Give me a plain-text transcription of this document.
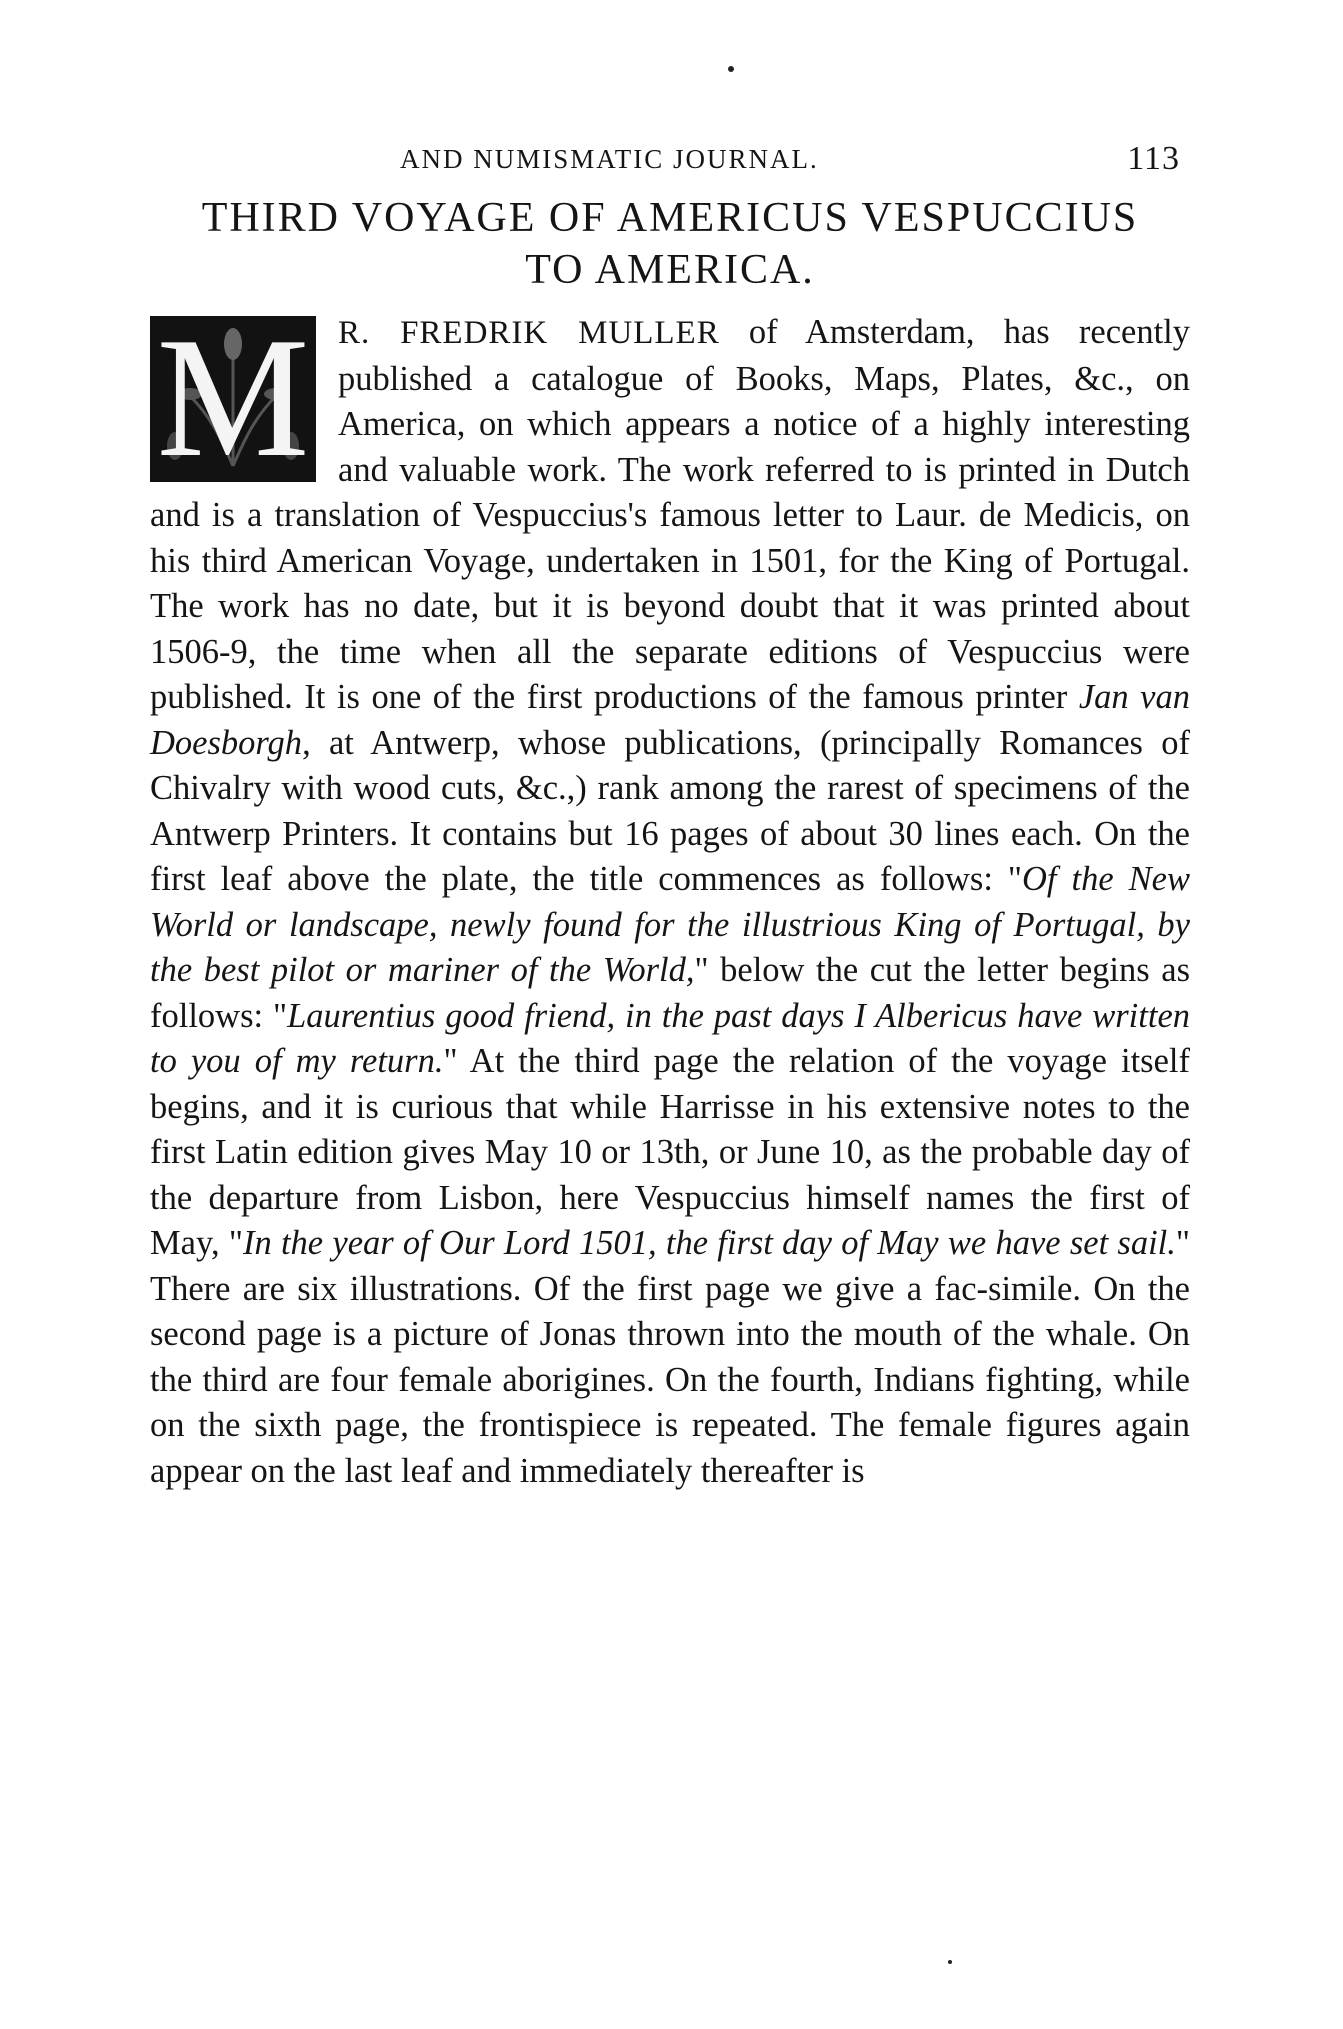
AND NUMISMATIC JOURNAL.	113
THIRD VOYAGE OF AMERICUS VESPUCCIUS
TO AMERICA.
M R. FREDRIK MULLER of Amsterdam, has recently published a catalogue of Books, Maps, Plates, &c., on America, on which appears a notice of a highly interesting and valuable work. The work referred to is printed in Dutch and is a translation of Vespuccius's famous letter to Laur. de Medicis, on his third American Voyage, undertaken in 1501, for the King of Portugal. The work has no date, but it is beyond doubt that it was printed about 1506-9, the time when all the separate editions of Vespuccius were published. It is one of the first productions of the famous printer Jan van Doesborgh, at Antwerp, whose publications, (principally Romances of Chivalry with wood cuts, &c.,) rank among the rarest of specimens of the Antwerp Printers. It contains but 16 pages of about 30 lines each. On the first leaf above the plate, the title commences as follows: "Of the New World or landscape, newly found for the illustrious King of Portugal, by the best pilot or mariner of the World," below the cut the letter begins as follows: "Laurentius good friend, in the past days I Albericus have written to you of my return." At the third page the relation of the voyage itself begins, and it is curious that while Harrisse in his extensive notes to the first Latin edition gives May 10 or 13th, or June 10, as the probable day of the departure from Lisbon, here Vespuccius himself names the first of May, "In the year of Our Lord 1501, the first day of May we have set sail." There are six illustrations. Of the first page we give a fac-simile. On the second page is a picture of Jonas thrown into the mouth of the whale. On the third are four female aborigines. On the fourth, Indians fighting, while on the sixth page, the frontispiece is repeated. The female figures again appear on the last leaf and immediately thereafter is
